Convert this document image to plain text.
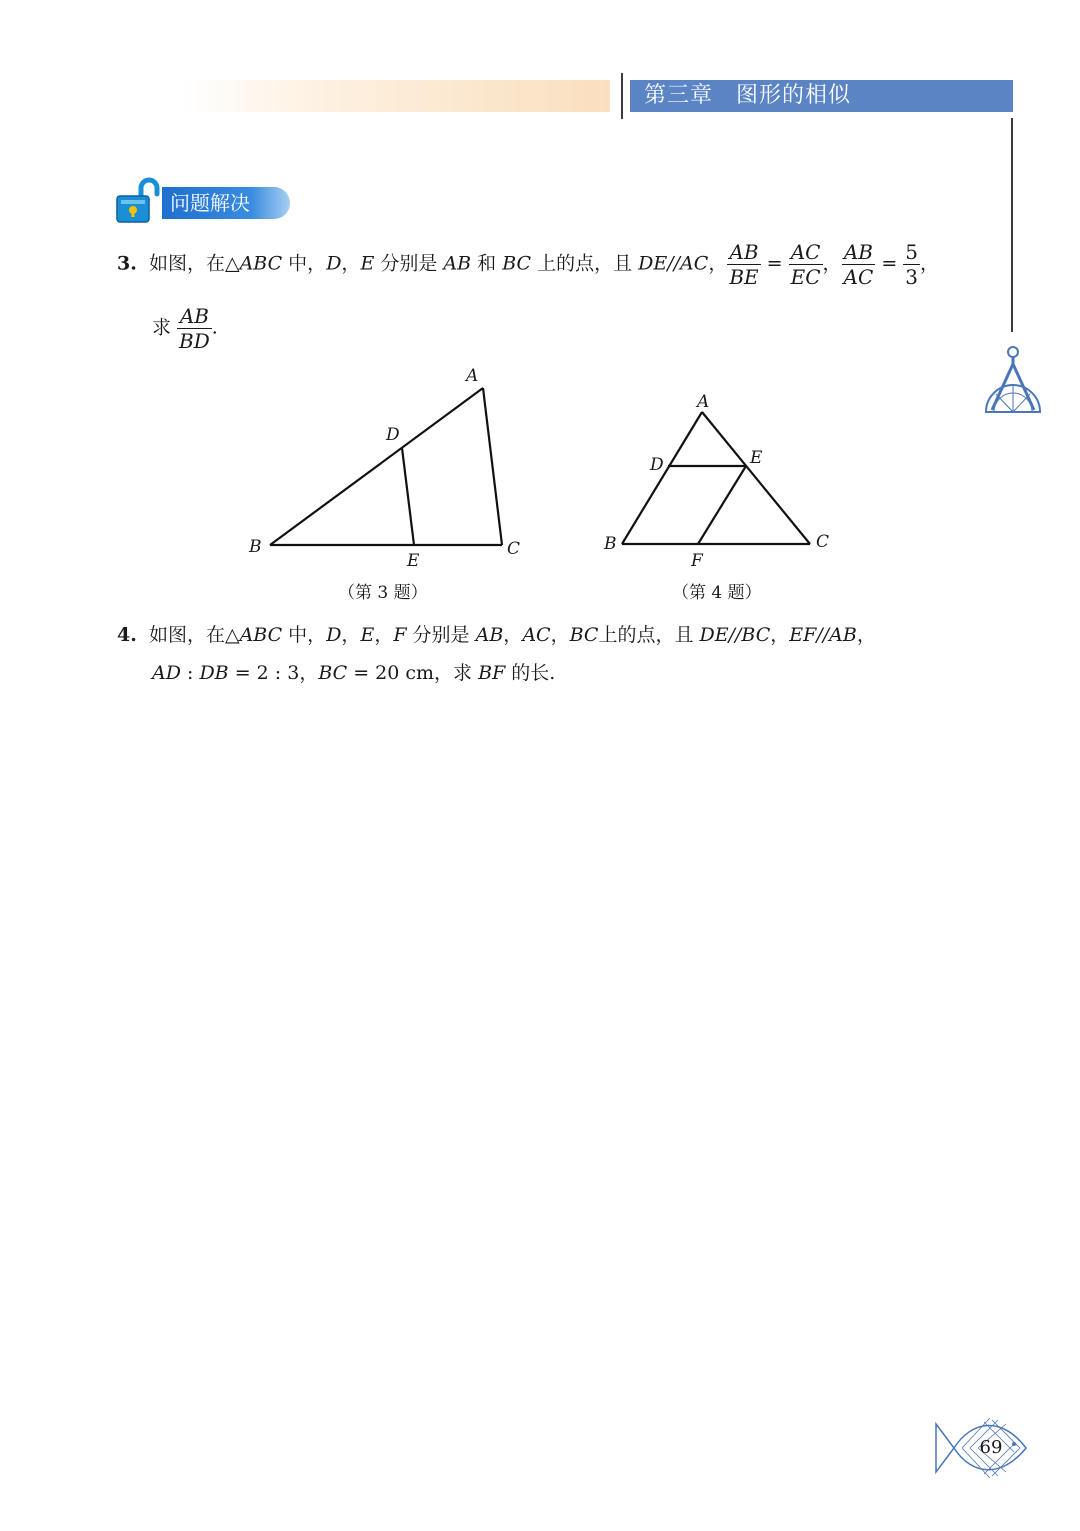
第三章　图形的相似
问题解决
3. 如图，在△ABC 中，D，E 分别是 AB 和 BC 上的点，且 DE//AC， $\frac{AB}{BE} = \frac{AC}{EC}$ ， $\frac{AB}{AC} = \frac{5}{3}$ ，
求 $\frac{AB}{BD}$ .
A
B	C
D
E
（第 3 题）
A
B	C
D	E
F
（第 4 题）
4. 如图，在△ABC 中，D，E，F 分别是 AB，AC，BC上的点，且 DE//BC，EF//AB，
AD : DB = 2 : 3，BC = 20 cm，求 BF 的长.
69
